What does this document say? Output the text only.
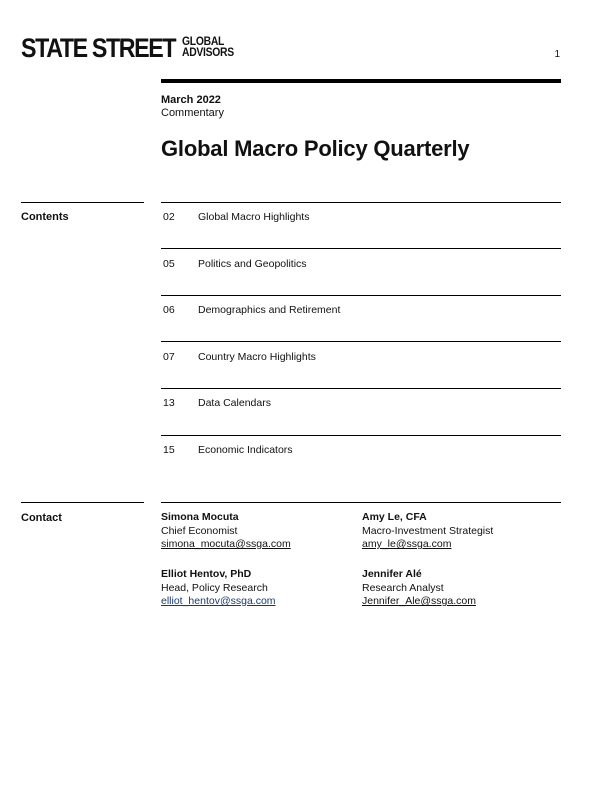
STATE STREET GLOBAL
ADVISORS	1
March 2022
Commentary
Global Macro Policy Quarterly
Contents	02 Global Macro Highlights
05 Politics and Geopolitics
06 Demographics and Retirement
07 Country Macro Highlights
13 Data Calendars
15 Economic Indicators
Contact	Simona Mocuta
Chief Economist
simona_mocuta@ssga.com
Amy Le, CFA
Macro-Investment Strategist
amy_le@ssga.com
Elliot Hentov, PhD
Head, Policy Research
elliot_hentov@ssga.com
Jennifer Alé
Research Analyst
Jennifer_Ale@ssga.com
